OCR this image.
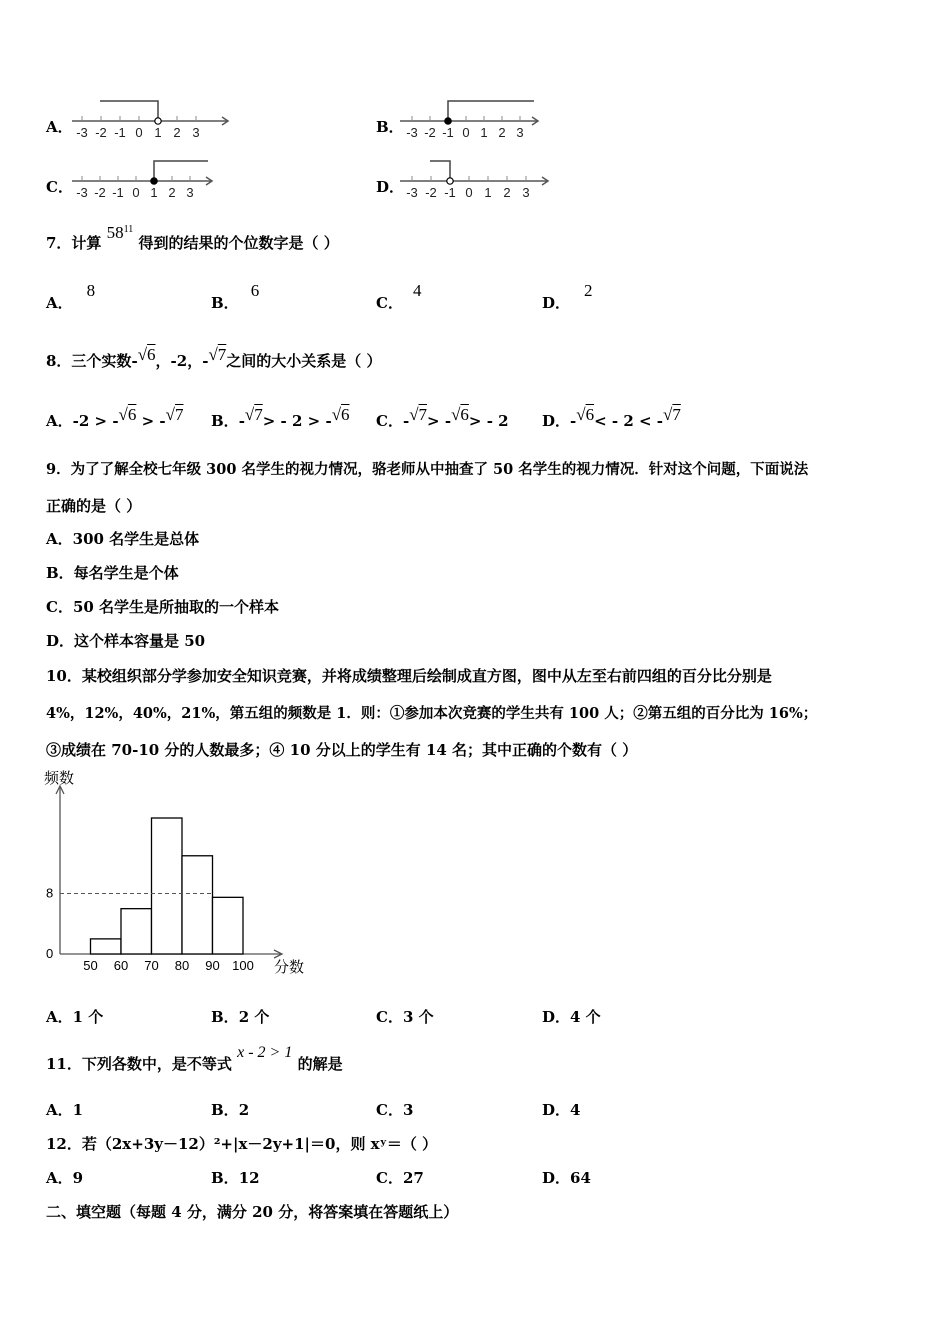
A． -3 -2 -1 0 1 2 3	B． -3 -2 -1 0 1 2 3
C． -3 -2 -1 0 1 2 3	D． -3 -2 -1 0 1 2 3
7．计算 $58^{11}$ 得到的结果的个位数字是（ ）
A．8
B．6
C．4
D．2
8．三个实数-√6，-2，-√7之间的大小关系是（ ）
A．-2 > -√6 > -√7 B．-√7> - 2 > -√6 C．-√7> -√6> - 2 D．-√6< - 2 < -√7
9．为了了解全校七年级 300 名学生的视力情况，骆老师从中抽查了 50 名学生的视力情况．针对这个问题，下面说法
正确的是（ ）
A．300 名学生是总体
B．每名学生是个体
C．50 名学生是所抽取的一个样本
D．这个样本容量是 50
10．某校组织部分学参加安全知识竞赛，并将成绩整理后绘制成直方图，图中从左至右前四组的百分比分别是
4%，12%，40%，21%，第五组的频数是 1．则：①参加本次竞赛的学生共有 100 人；②第五组的百分比为 16%；
③成绩在 70-10 分的人数最多；④ 10 分以上的学生有 14 名；其中正确的个数有（ ）
频数
分数
0
8
50 60 70 80 90 100
A．1 个	B．2 个	C．3 个	D．4 个
11．下列各数中，是不等式 x - 2 > 1 的解是
A．1	B．2	C．3	D．4
12．若（2x+3y－12）²+|x－2y+1|＝0，则 xʸ＝（ ）
A．9	B．12	C．27	D．64
二、填空题（每题 4 分，满分 20 分，将答案填在答题纸上）
